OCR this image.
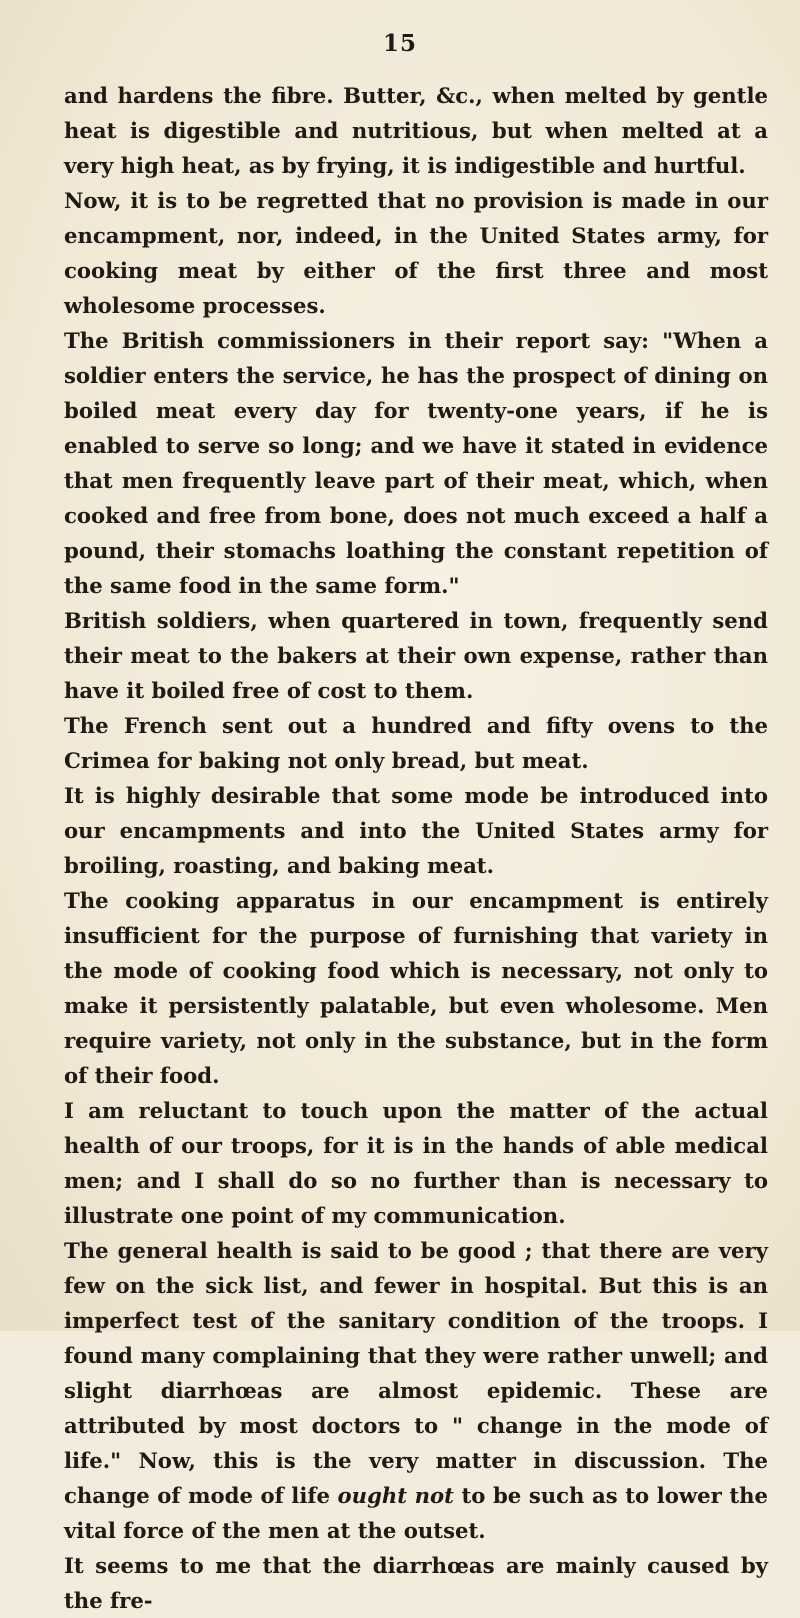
15

and hardens the fibre. Butter, &c., when melted by gentle heat is digestible and nutritious, but when melted at a very high heat, as by frying, it is indigestible and hurtful.

Now, it is to be regretted that no provision is made in our encampment, nor, indeed, in the United States army, for cooking meat by either of the first three and most wholesome processes.

The British commissioners in their report say: "When a soldier enters the service, he has the prospect of dining on boiled meat every day for twenty-one years, if he is enabled to serve so long; and we have it stated in evidence that men frequently leave part of their meat, which, when cooked and free from bone, does not much exceed a half a pound, their stomachs loathing the constant repetition of the same food in the same form."

British soldiers, when quartered in town, frequently send their meat to the bakers at their own expense, rather than have it boiled free of cost to them.

The French sent out a hundred and fifty ovens to the Crimea for baking not only bread, but meat.

It is highly desirable that some mode be introduced into our encampments and into the United States army for broiling, roasting, and baking meat.

The cooking apparatus in our encampment is entirely insufficient for the purpose of furnishing that variety in the mode of cooking food which is necessary, not only to make it persistently palatable, but even wholesome. Men require variety, not only in the substance, but in the form of their food.

I am reluctant to touch upon the matter of the actual health of our troops, for it is in the hands of able medical men; and I shall do so no further than is necessary to illustrate one point of my communication.

The general health is said to be good ; that there are very few on the sick list, and fewer in hospital. But this is an imperfect test of the sanitary condition of the troops. I found many complaining that they were rather unwell; and slight diarrhœas are almost epidemic. These are attributed by most doctors to " change in the mode of life." Now, this is the very matter in discussion. The change of mode of life ought not to be such as to lower the vital force of the men at the outset.

It seems to me that the diarrhœas are mainly caused by the fre-
